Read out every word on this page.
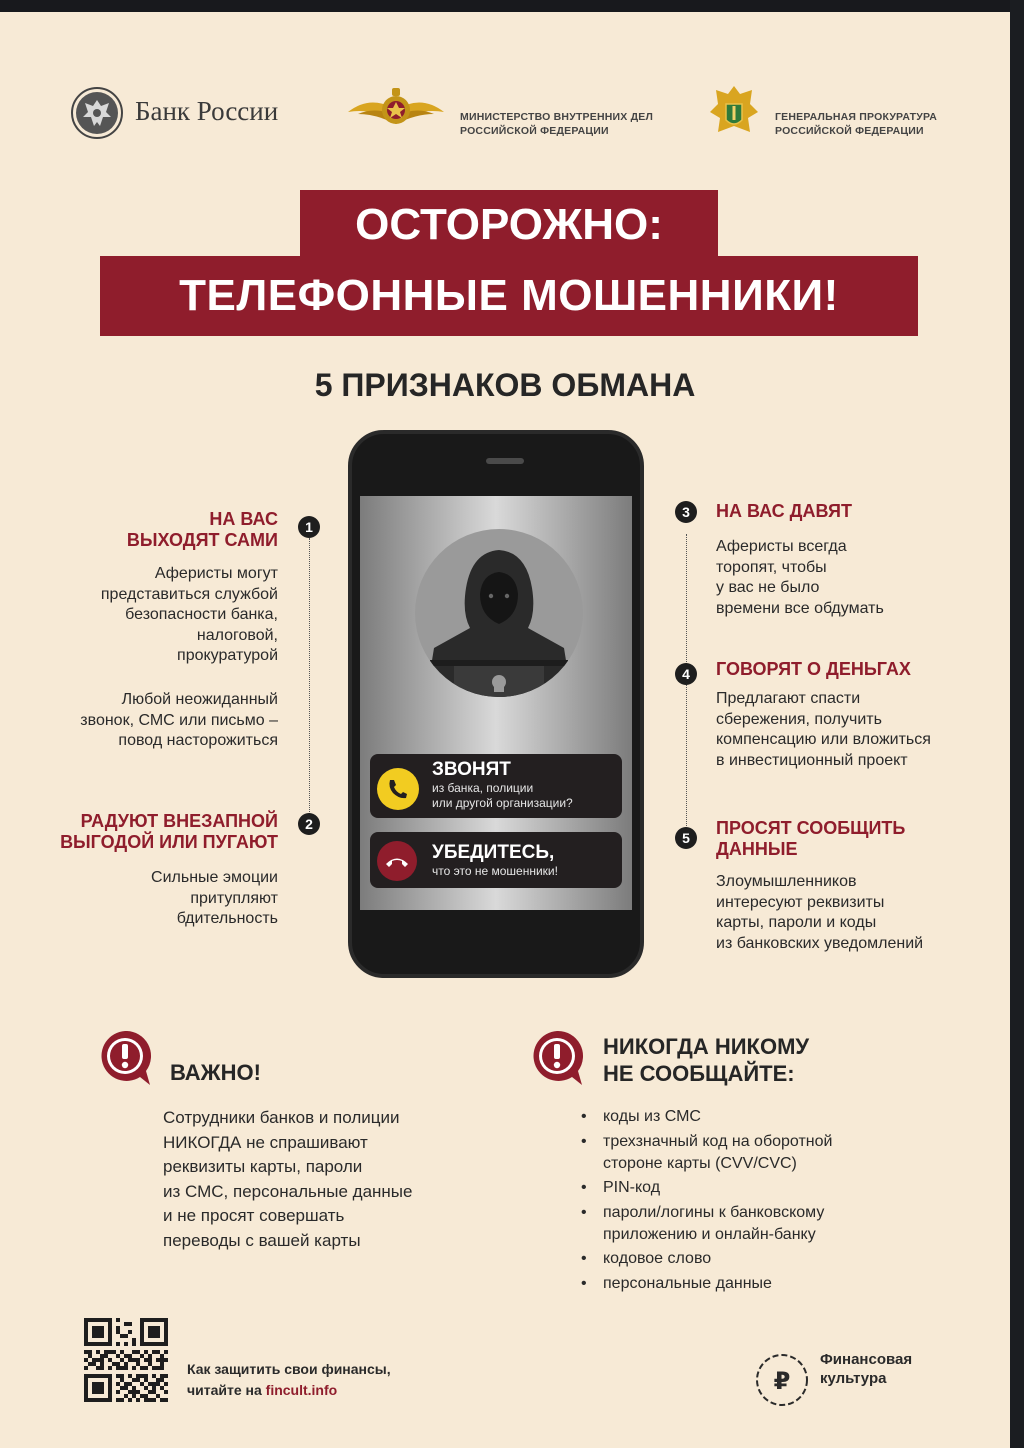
Банк России	МИНИСТЕРСТВО ВНУТРЕННИХ ДЕЛ
РОССИЙСКОЙ ФЕДЕРАЦИИ
ГЕНЕРАЛЬНАЯ ПРОКУРАТУРА
РОССИЙСКОЙ ФЕДЕРАЦИИ
ОСТОРОЖНО:
ТЕЛЕФОННЫЕ МОШЕННИКИ!
5 ПРИЗНАКОВ ОБМАНА
ЗВОНЯТ
из банка, полиции
или другой организации?
УБЕДИТЕСЬ,
что это не мошенники!
1
НА ВАС
ВЫХОДЯТ САМИ
Аферисты могут
представиться службой
безопасности банка,
налоговой,
прокуратурой
Любой неожиданный
звонок, СМС или письмо –
повод насторожиться
2
РАДУЮТ ВНЕЗАПНОЙ
ВЫГОДОЙ ИЛИ ПУГАЮТ
Сильные эмоции
притупляют
бдительность
3	НА ВАС ДАВЯТ
Аферисты всегда
торопят, чтобы
у вас не было
времени все обдумать
4	ГОВОРЯТ О ДЕНЬГАХ
Предлагают спасти
сбережения, получить
компенсацию или вложиться
в инвестиционный проект
5	ПРОСЯТ СООБЩИТЬ
ДАННЫЕ
Злоумышленников
интересуют реквизиты
карты, пароли и коды
из банковских уведомлений
ВАЖНО!
Сотрудники банков и полиции
НИКОГДА не спрашивают
реквизиты карты, пароли
из СМС, персональные данные
и не просят совершать
переводы с вашей карты
НИКОГДА НИКОМУ
НЕ СООБЩАЙТЕ:
• коды из СМС
• трехзначный код на оборотной
стороне карты (CVV/CVC)
• PIN-код
• пароли/логины к банковскому
приложению и онлайн-банку
• кодовое слово
• персональные данные
Как защитить свои финансы,
читайте на fincult.info	₽
Финансовая
культура
